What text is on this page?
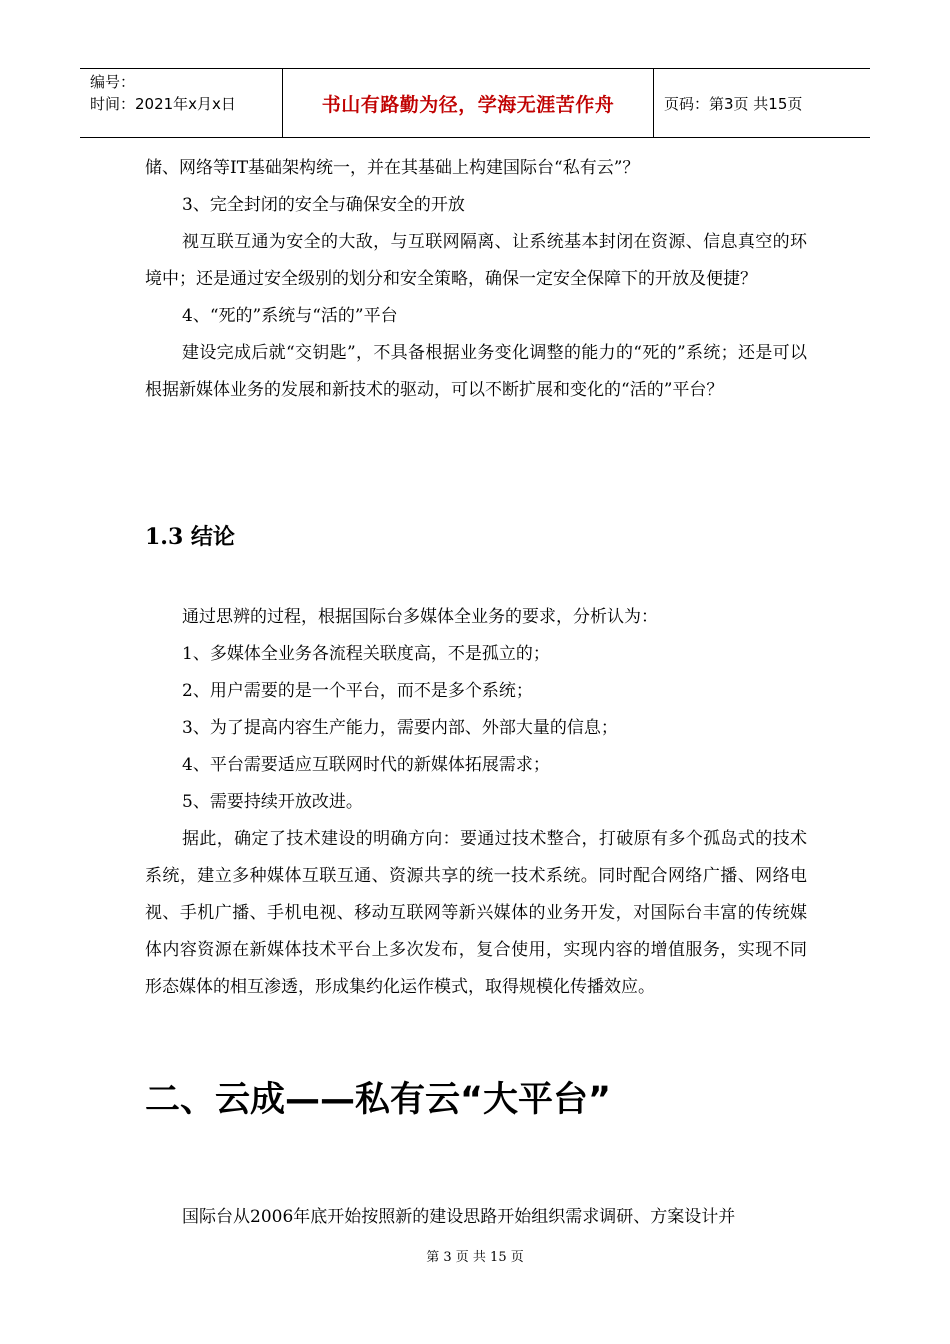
编号：
时间：2021年x月x日	书山有路勤为径，学海无涯苦作舟	页码：第3页 共15页

储、网络等IT基础架构统一，并在其基础上构建国际台“私有云”？

3、完全封闭的安全与确保安全的开放

视互联互通为安全的大敌，与互联网隔离、让系统基本封闭在资源、信息真空的环境中；还是通过安全级别的划分和安全策略，确保一定安全保障下的开放及便捷？

4、“死的”系统与“活的”平台

建设完成后就“交钥匙”，不具备根据业务变化调整的能力的“死的”系统；还是可以根据新媒体业务的发展和新技术的驱动，可以不断扩展和变化的“活的”平台？

1.3 结论

通过思辨的过程，根据国际台多媒体全业务的要求，分析认为：

1、多媒体全业务各流程关联度高，不是孤立的；

2、用户需要的是一个平台，而不是多个系统；

3、为了提高内容生产能力，需要内部、外部大量的信息；

4、平台需要适应互联网时代的新媒体拓展需求；

5、需要持续开放改进。

据此，确定了技术建设的明确方向：要通过技术整合，打破原有多个孤岛式的技术系统，建立多种媒体互联互通、资源共享的统一技术系统。同时配合网络广播、网络电视、手机广播、手机电视、移动互联网等新兴媒体的业务开发，对国际台丰富的传统媒体内容资源在新媒体技术平台上多次发布，复合使用，实现内容的增值服务，实现不同形态媒体的相互渗透，形成集约化运作模式，取得规模化传播效应。

二、云成——私有云“大平台”

国际台从2006年底开始按照新的建设思路开始组织需求调研、方案设计并

第 3 页 共 15 页
